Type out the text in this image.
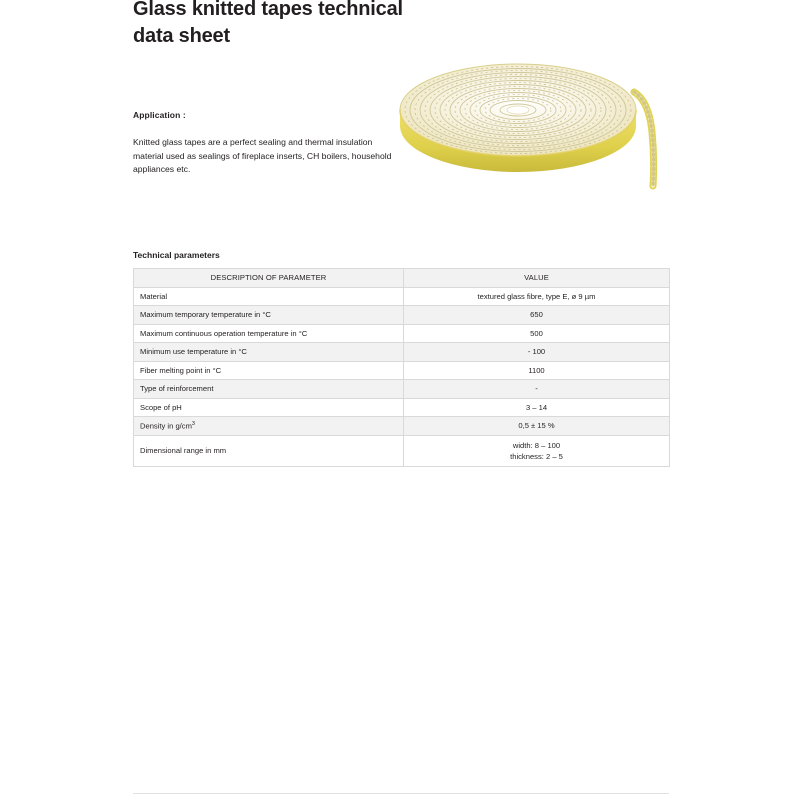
Glass knitted tapes technical data sheet
Application :
Knitted glass tapes are a perfect sealing and thermal insulation material used as sealings of fireplace inserts, CH boilers, household appliances etc.
Technical parameters
DESCRIPTION OF PARAMETER	VALUE
Material	textured glass fibre, type E, ø 9 µm
Maximum temporary temperature in °C	650
Maximum continuous operation temperature in °C	500
Minimum use temperature in °C	- 100
Fiber melting point in °C	1100
Type of reinforcement	-
Scope of pH	3 – 14
Density in $g/cm^3$	0,5 ± 15 %
Dimensional range in mm	width: 8 – 100
thickness: 2 – 5
